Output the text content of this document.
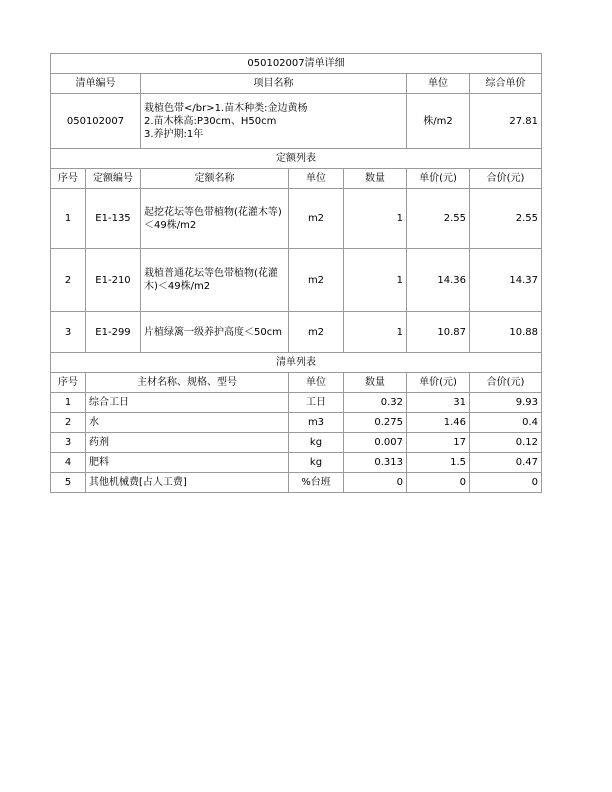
050102007清单详细						
清单编号		项目名称			单位	综合单价
050102007		栽植色带</br>1.苗木种类:金边黄杨
2.苗木株高:P30cm、H50cm
3.养护期:1年			株/m2	27.81
定额列表						
序号	定额编号	定额名称	单位	数量	单价(元)	合价(元)
1	E1-135	起挖花坛等色带植物(花灌木等)＜49株/m2	m2	1	2.55	2.55
2	E1-210	栽植普通花坛等色带植物(花灌木)＜49株/m2	m2	1	14.36	14.37
3	E1-299	片植绿篱一级养护高度＜50cm	m2	1	10.87	10.88
清单列表						
序号	主材名称、规格、型号		单位	数量	单价(元)	合价(元)
1	综合工日		工日	0.32	31	9.93
2	水		m3	0.275	1.46	0.4
3	药剂		kg	0.007	17	0.12
4	肥料		kg	0.313	1.5	0.47
5	其他机械费[占人工费]		%台班	0	0	0
